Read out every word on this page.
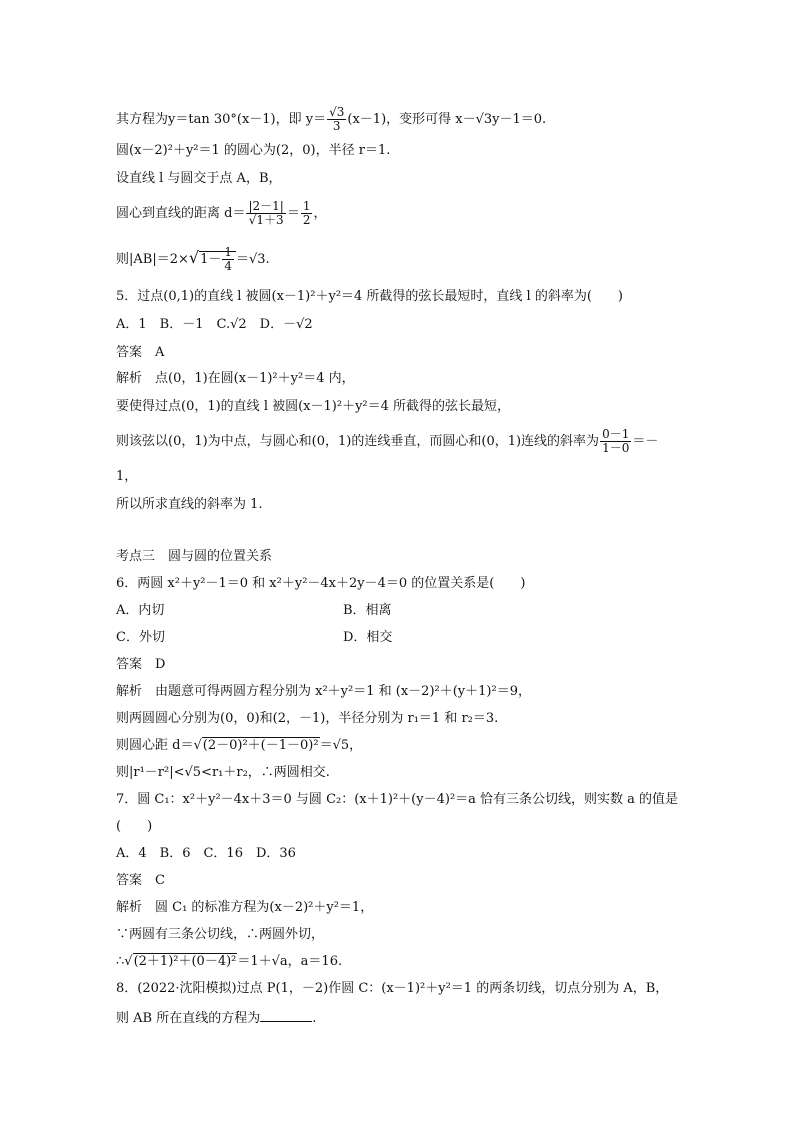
其方程为y＝tan 30°(x－1)，即 $y= \frac{√3}{3} (x-1)$，变形可得 x－√3y－1＝0.
圆(x－2)²＋y²＝1 的圆心为(2，0)，半径 r＝1.
设直线 l 与圆交于点 A，B，
圆心到直线的距离 $d= \frac{|2-1|}{√1+3} = \frac{1}{2}$ ，
则$|AB|=2\times√1- \frac{1}{4} =√3$.
5．过点(0,1)的直线 l 被圆(x－1)²＋y²＝4 所截得的弦长最短时，直线 l 的斜率为(　　)
A．1　B．－1　C.√2　D．－√2
答案　A
解析　点(0，1)在圆(x－1)²＋y²＝4 内，
要使得过点(0，1)的直线 l 被圆(x－1)²＋y²＝4 所截得的弦长最短，
则该弦以(0，1)为中点，与圆心和(0，1)的连线垂直，而圆心和(0，1)连线的斜率为 $\frac{0-1}{1-0}$ ＝－
1，
所以所求直线的斜率为 1.
考点三　圆与圆的位置关系
6．两圆 x²＋y²－1＝0 和 x²＋y²－4x＋2y－4＝0 的位置关系是(　　)
A．内切	B．相离
C．外切	D．相交
答案　D
解析　由题意可得两圆方程分别为 x²＋y²＝1 和 (x－2)²＋(y＋1)²＝9，
则两圆圆心分别为(0，0)和(2，－1)，半径分别为 r₁＝1 和 r₂＝3.
则圆心距 d＝√(2－0)²＋(－1－0)²＝√5，
则|r¹－r²|<√5<r₁＋r₂，∴两圆相交.
7．圆 C₁：x²＋y²－4x＋3＝0 与圆 C₂：(x＋1)²＋(y－4)²＝a 恰有三条公切线，则实数 a 的值是
(　　)
A．4　B．6　C．16　D．36
答案　C
解析　圆 C₁ 的标准方程为(x－2)²＋y²＝1，
∵两圆有三条公切线，∴两圆外切，
∴√(2＋1)²＋(0－4)²＝1＋√a，a＝16.
8．(2022·沈阳模拟)过点 P(1，－2)作圆 C：(x－1)²＋y²＝1 的两条切线，切点分别为 A，B，
则 AB 所在直线的方程为	.
